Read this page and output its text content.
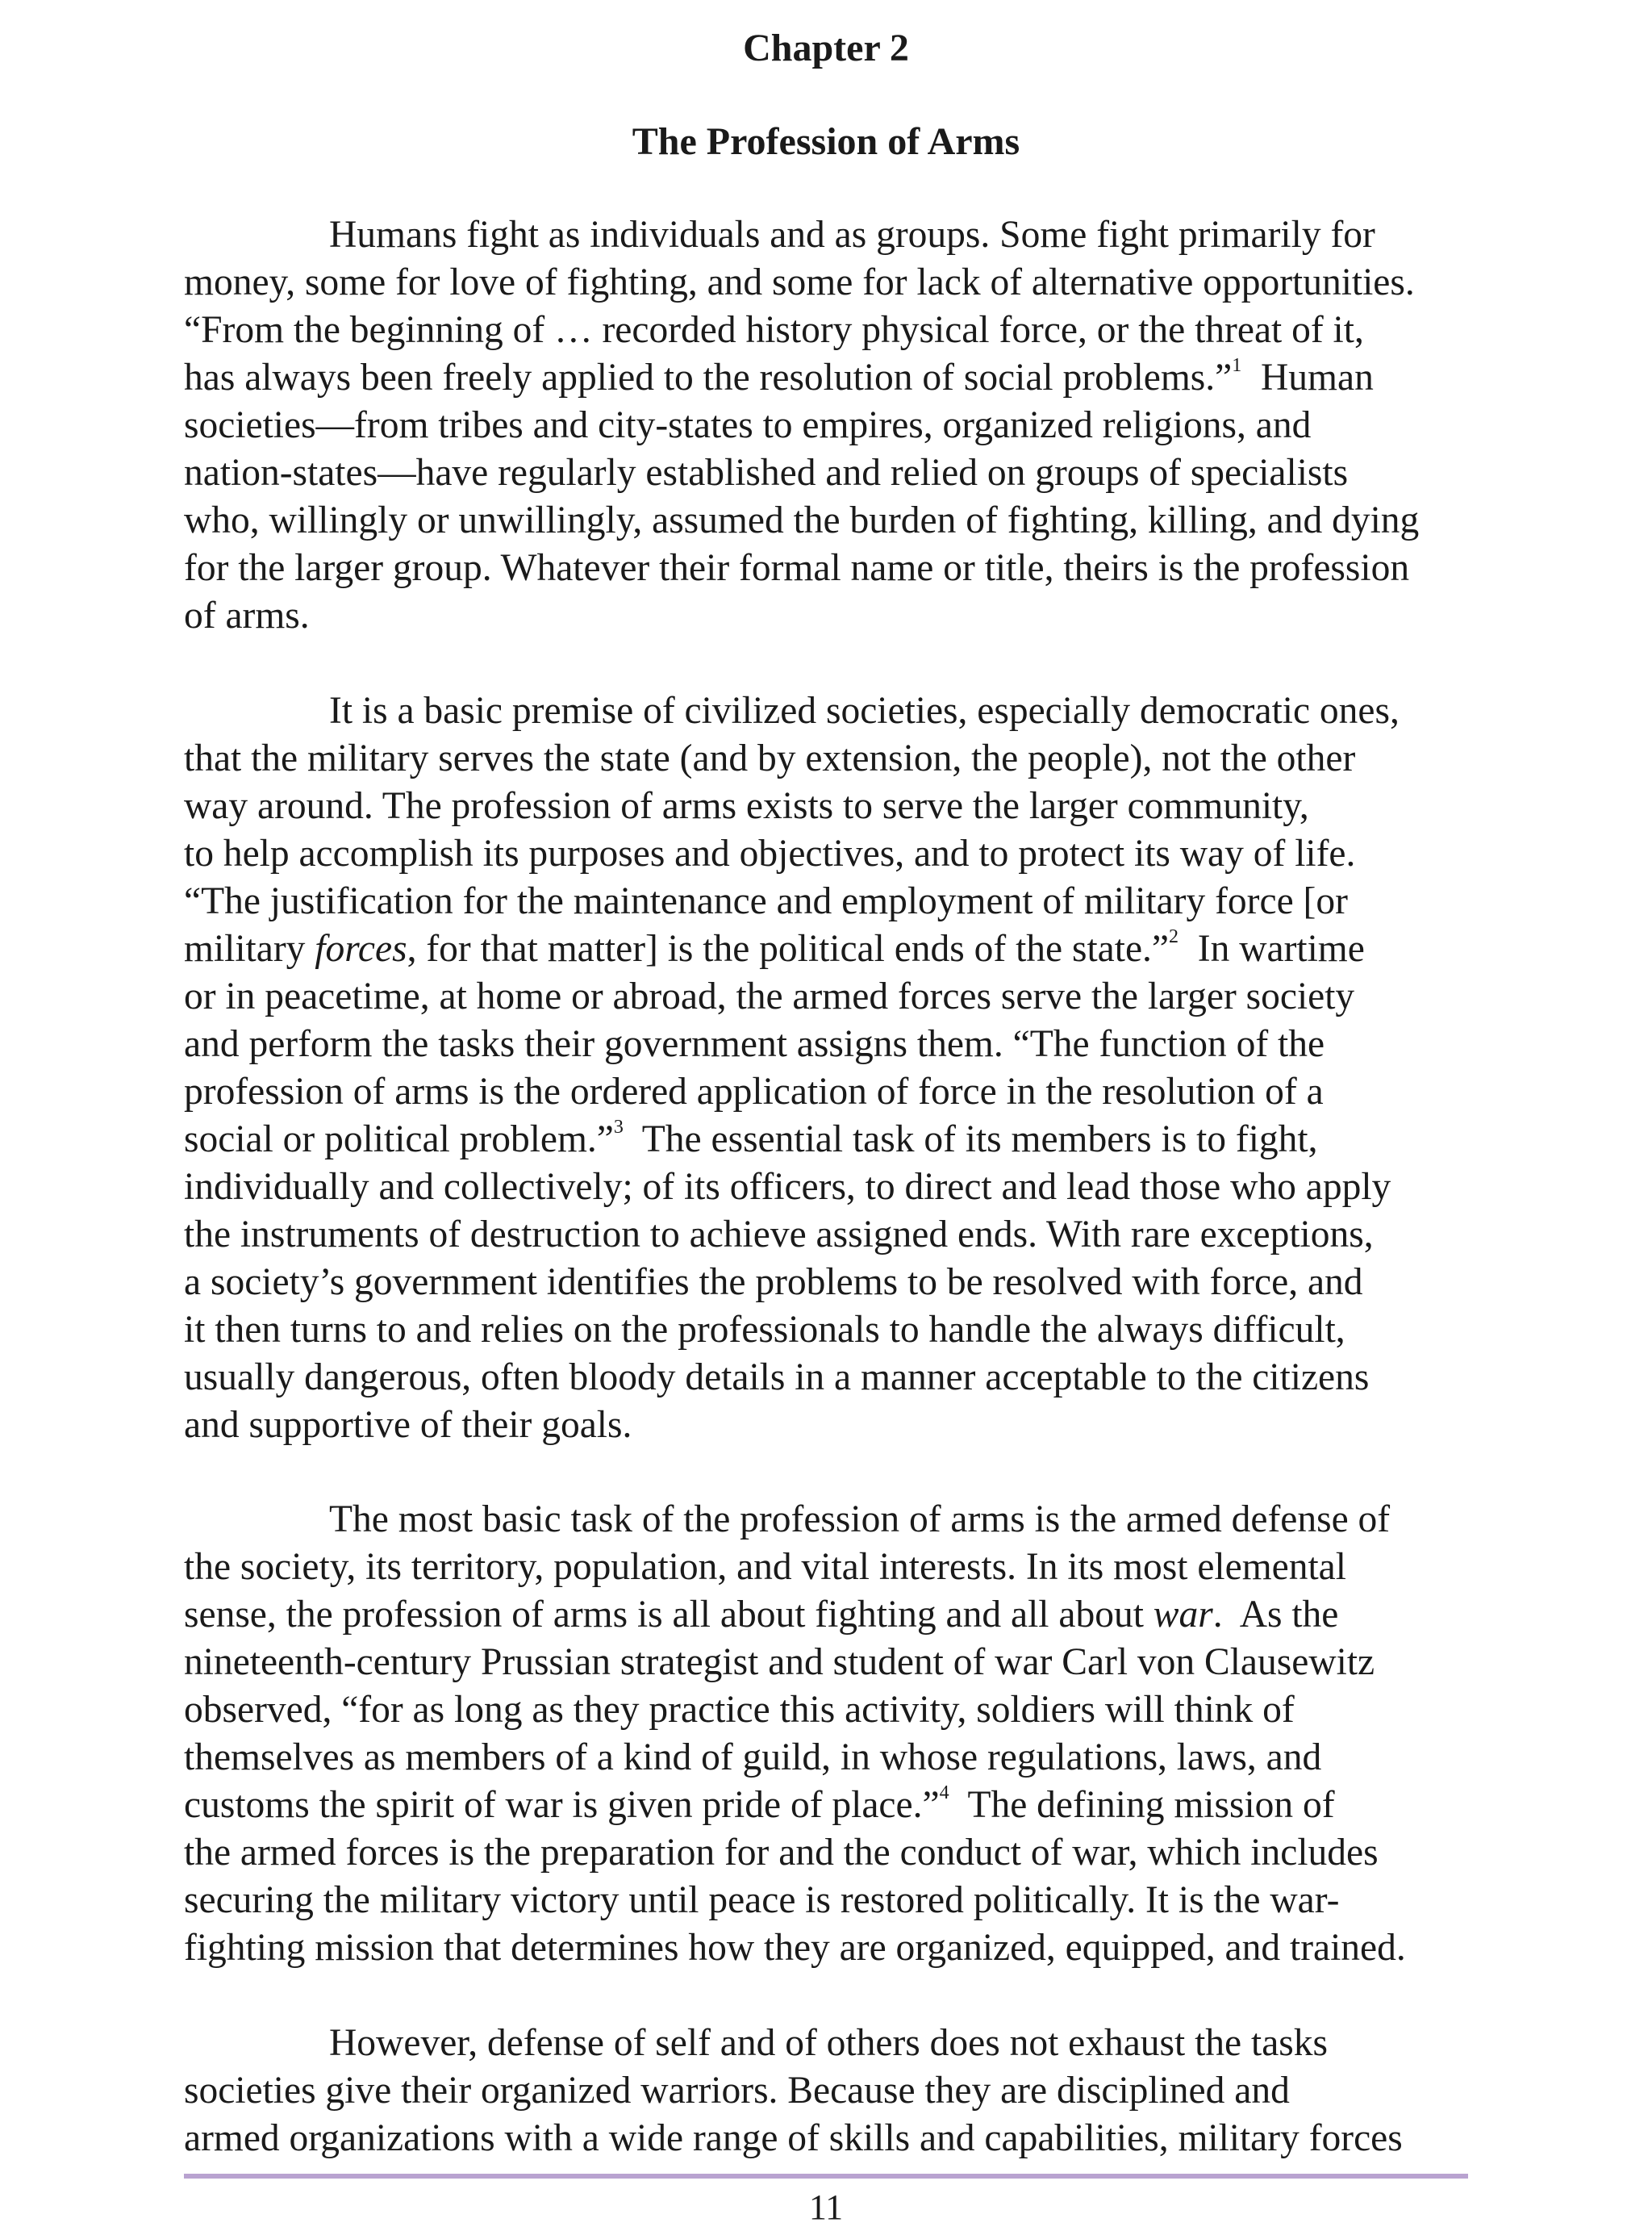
Chapter 2
The Profession of Arms
Humans fight as individuals and as groups. Some fight primarily for
money, some for love of fighting, and some for lack of alternative opportunities.
“From the beginning of … recorded history physical force, or the threat of it,
has always been freely applied to the resolution of social problems.”$^1$  Human
societies—from tribes and city-states to empires, organized religions, and
nation-states—have regularly established and relied on groups of specialists
who, willingly or unwillingly, assumed the burden of fighting, killing, and dying
for the larger group. Whatever their formal name or title, theirs is the profession
of arms.
It is a basic premise of civilized societies, especially democratic ones,
that the military serves the state (and by extension, the people), not the other
way around. The profession of arms exists to serve the larger community,
to help accomplish its purposes and objectives, and to protect its way of life.
“The justification for the maintenance and employment of military force [or
military forces, for that matter] is the political ends of the state.”$^2$  In wartime
or in peacetime, at home or abroad, the armed forces serve the larger society
and perform the tasks their government assigns them. “The function of the
profession of arms is the ordered application of force in the resolution of a
social or political problem.”$^3$  The essential task of its members is to fight,
individually and collectively; of its officers, to direct and lead those who apply
the instruments of destruction to achieve assigned ends. With rare exceptions,
a society’s government identifies the problems to be resolved with force, and
it then turns to and relies on the professionals to handle the always difficult,
usually dangerous, often bloody details in a manner acceptable to the citizens
and supportive of their goals.
The most basic task of the profession of arms is the armed defense of
the society, its territory, population, and vital interests. In its most elemental
sense, the profession of arms is all about fighting and all about war.  As the
nineteenth-century Prussian strategist and student of war Carl von Clausewitz
observed, “for as long as they practice this activity, soldiers will think of
themselves as members of a kind of guild, in whose regulations, laws, and
customs the spirit of war is given pride of place.”$^4$  The defining mission of
the armed forces is the preparation for and the conduct of war, which includes
securing the military victory until peace is restored politically. It is the war-
fighting mission that determines how they are organized, equipped, and trained.
However, defense of self and of others does not exhaust the tasks
societies give their organized warriors. Because they are disciplined and
armed organizations with a wide range of skills and capabilities, military forces
11
